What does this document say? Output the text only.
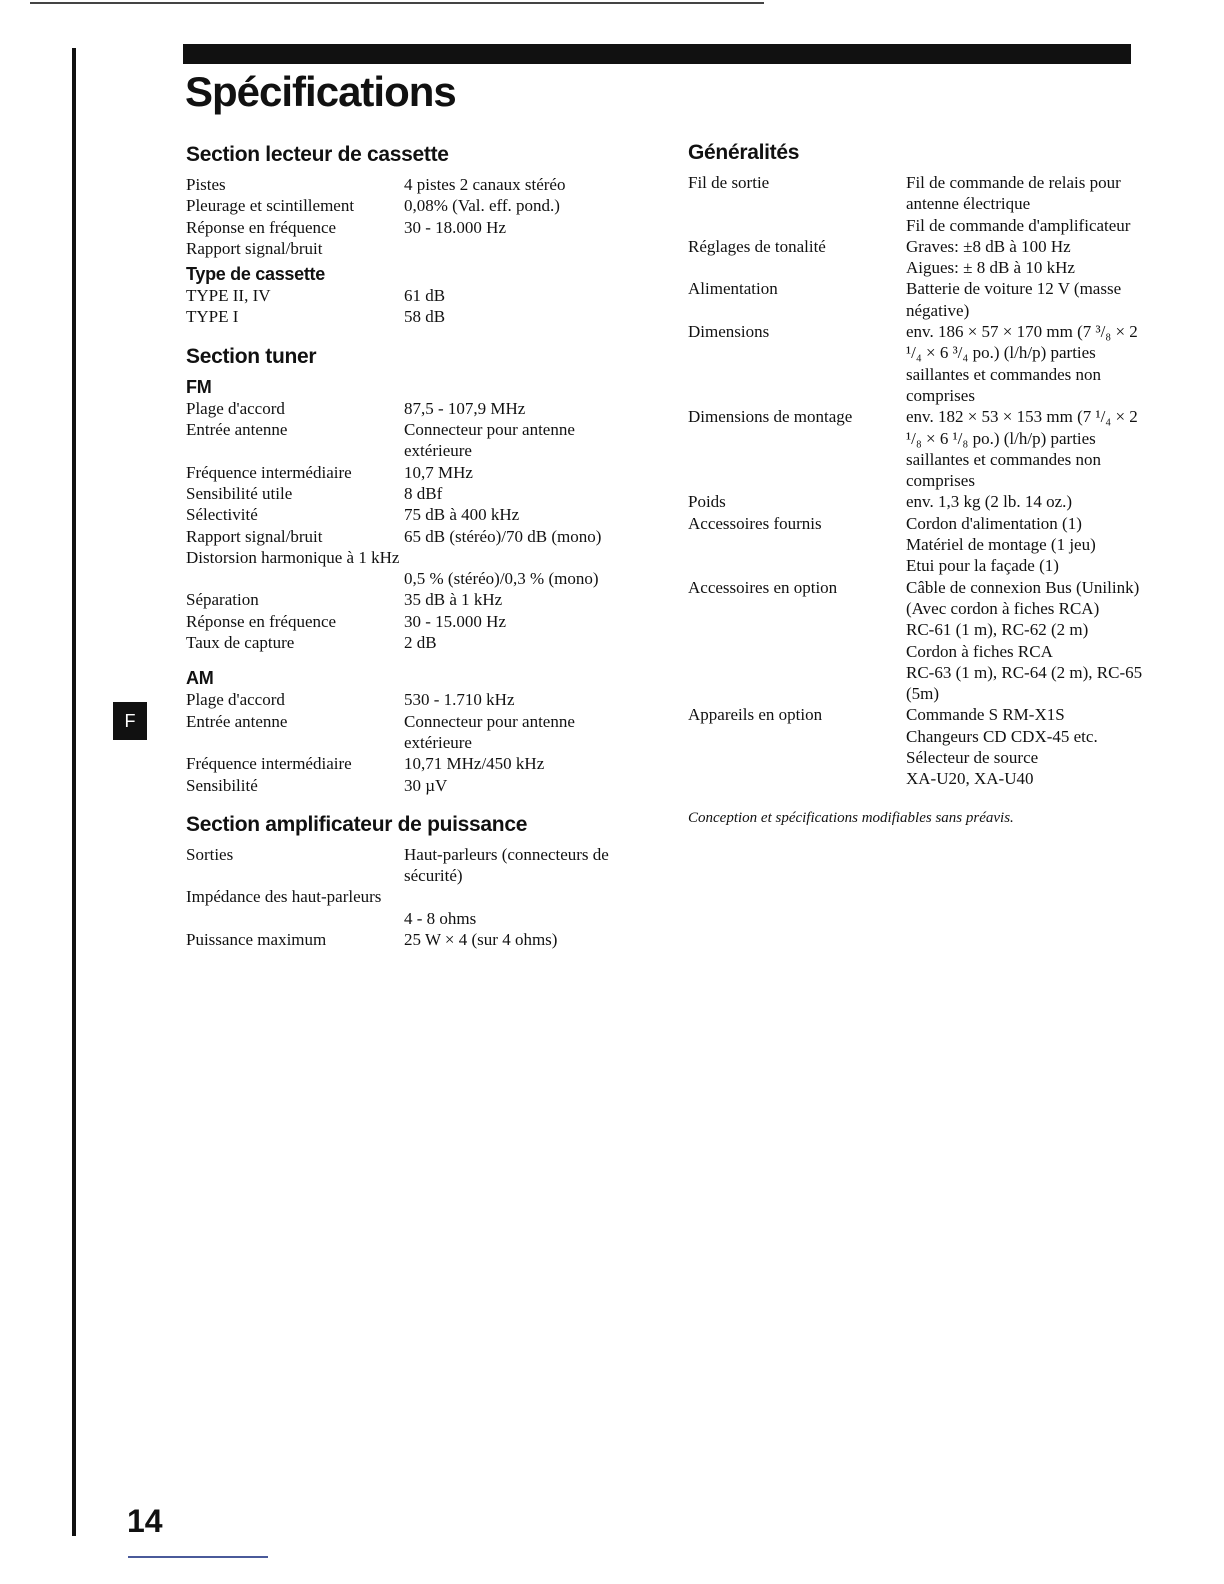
Spécifications
F
14
Section lecteur de cassette
Pistes	4 pistes 2 canaux stéréo
Pleurage et scintillement	0,08% (Val. eff. pond.)
Réponse en fréquence	30 - 18.000 Hz
Rapport signal/bruit
Type de cassette
TYPE II, IV	61 dB
TYPE I	58 dB
Section tuner
FM
Plage d'accord	87,5 - 107,9 MHz
Entrée antenne	Connecteur pour antenne extérieure
Fréquence intermédiaire	10,7 MHz
Sensibilité utile	8 dBf
Sélectivité	75 dB à 400 kHz
Rapport signal/bruit	65 dB (stéréo)/70 dB (mono)
Distorsion harmonique à 1 kHz
0,5 % (stéréo)/0,3 % (mono)
Séparation	35 dB à 1 kHz
Réponse en fréquence	30 - 15.000 Hz
Taux de capture	2 dB
AM
Plage d'accord	530 - 1.710 kHz
Entrée antenne	Connecteur pour antenne extérieure
Fréquence intermédiaire	10,71 MHz/450 kHz
Sensibilité	30 µV
Section amplificateur de puissance
Sorties	Haut-parleurs (connecteurs de sécurité)
Impédance des haut-parleurs
4 - 8 ohms
Puissance maximum	25 W × 4 (sur 4 ohms)
Généralités
Fil de sortie	Fil de commande de relais pour antenne électrique
Fil de commande d'amplificateur
Réglages de tonalité	Graves: ±8 dB à 100 Hz
Aigues: ± 8 dB à 10 kHz
Alimentation	Batterie de voiture 12 V (masse négative)
Dimensions	env. 186 × 57 × 170 mm (7 ³/₈ × 2 ¹/₄ × 6 ³/₄ po.) (l/h/p) parties saillantes et commandes non comprises
Dimensions de montage	env. 182 × 53 × 153 mm (7 ¹/₄ × 2 ¹/₈ × 6 ¹/₈ po.) (l/h/p) parties saillantes et commandes non comprises
Poids	env. 1,3 kg (2 lb. 14 oz.)
Accessoires fournis	Cordon d'alimentation (1)
Matériel de montage (1 jeu)
Etui pour la façade (1)
Accessoires en option	Câble de connexion Bus (Unilink)
(Avec cordon à fiches RCA)
RC-61 (1 m), RC-62 (2 m)
Cordon à fiches RCA
RC-63 (1 m), RC-64 (2 m), RC-65 (5m)
Appareils en option	Commande S RM-X1S
Changeurs CD CDX-45 etc.
Sélecteur de source
XA-U20, XA-U40
Conception et spécifications modifiables sans préavis.
